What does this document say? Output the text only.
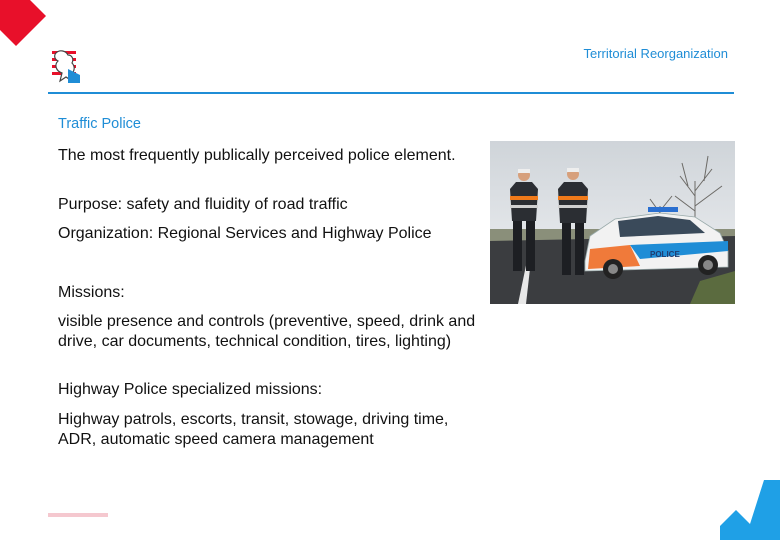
Territorial Reorganization
Traffic Police

The most frequently publically perceived police element.

Purpose: safety and fluidity of road traffic

Organization: Regional Services and Highway Police

Missions:

visible presence and controls (preventive, speed, drink and drive, car documents, technical condition, tires, lighting)

Highway Police specialized missions:

Highway patrols, escorts, transit, stowage, driving time, ADR, automatic speed camera management

POLICE
